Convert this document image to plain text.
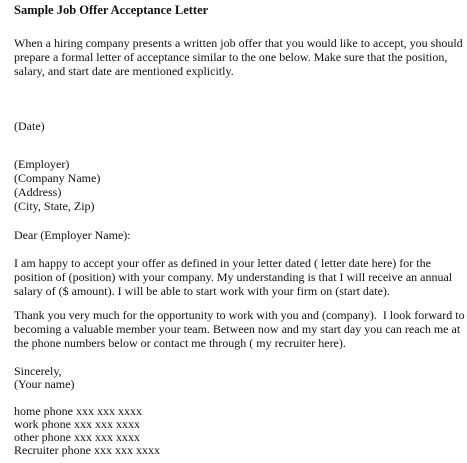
Sample Job Offer Acceptance Letter
When a hiring company presents a written job offer that you would like to accept, you should
prepare a formal letter of acceptance similar to the one below. Make sure that the position,
salary, and start date are mentioned explicitly.
(Date)
(Employer)
(Company Name)
(Address)
(City, State, Zip)
Dear (Employer Name):
I am happy to accept your offer as defined in your letter dated ( letter date here) for the
position of (position) with your company. My understanding is that I will receive an annual
salary of ($ amount). I will be able to start work with your firm on (start date).
Thank you very much for the opportunity to work with you and (company).  I look forward to
becoming a valuable member your team. Between now and my start day you can reach me at
the phone numbers below or contact me through ( my recruiter here).
Sincerely,
(Your name)
home phone xxx xxx xxxx
work phone xxx xxx xxxx
other phone xxx xxx xxxx
Recruiter phone xxx xxx xxxx
